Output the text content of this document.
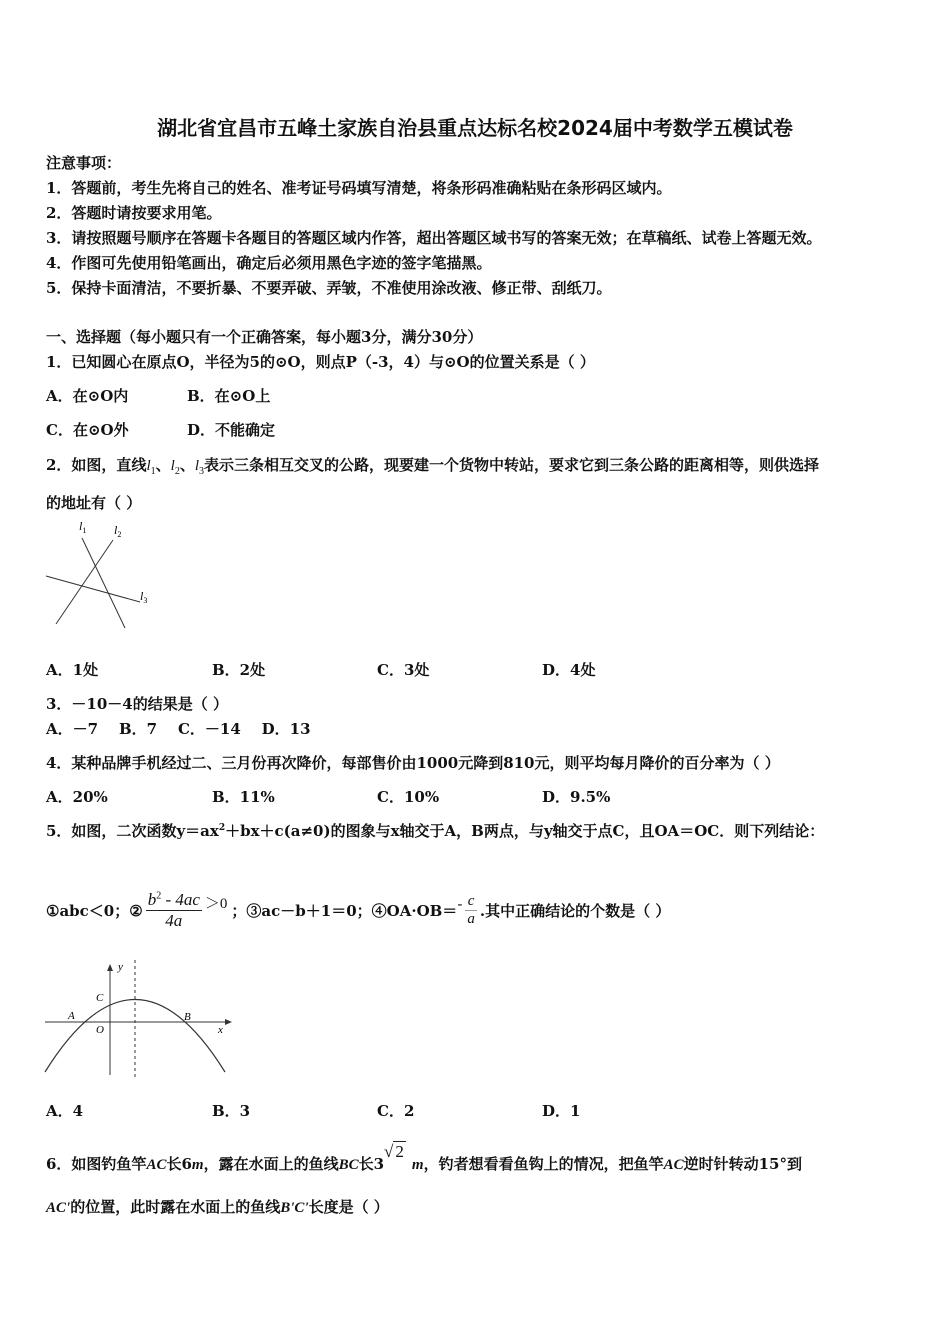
湖北省宜昌市五峰土家族自治县重点达标名校2024届中考数学五模试卷
注意事项：
1．答题前，考生先将自己的姓名、准考证号码填写清楚，将条形码准确粘贴在条形码区域内。
2．答题时请按要求用笔。
3．请按照题号顺序在答题卡各题目的答题区域内作答，超出答题区域书写的答案无效；在草稿纸、试卷上答题无效。
4．作图可先使用铅笔画出，确定后必须用黑色字迹的签字笔描黑。
5．保持卡面清洁，不要折暴、不要弄破、弄皱，不准使用涂改液、修正带、刮纸刀。
一、选择题（每小题只有一个正确答案，每小题3分，满分30分）
1．已知圆心在原点O，半径为5的⊙O，则点P（-3，4）与⊙O的位置关系是（ ）
A．在⊙O内	B．在⊙O上
C．在⊙O外	D．不能确定
2．如图，直线$l_1$、$l_2$、$l_3$表示三条相互交叉的公路，现要建一个货物中转站，要求它到三条公路的距离相等，则供选择
的地址有（ ）
$l_1$ $l_2$
$l_3$
A．1处	B．2处	C．3处	D．4处
3．－10－4的结果是（ ）
A．－7    B．7    C．－14    D．13
4．某种品牌手机经过二、三月份再次降价，每部售价由1000元降到810元，则平均每月降价的百分率为（ ）
A．20%	B．11%	C．10%	D．9.5%
5．如图，二次函数$y=ax^2+bx+c(a\ne 0)$的图象与x轴交于A，B两点，与y轴交于点C，且OA＝OC．则下列结论：
①abc＜0；② $\frac{b^2 - 4ac}{4a} >0$ ；③ac－b＋1＝0；④OA·OB＝ - $\frac{c}{a}$ .其中正确结论的个数是（ ）
y
x
A	B
C
O
A．4	B．3	C．2	D．1
6．如图钓鱼竿 AC 长6 m ，露在水面上的鱼线 BC 长3
√ 2
m ，钓者想看看鱼钩上的情况，把鱼竿 AC 逆时针转动15°到
AC'的位置，此时露在水面上的鱼线B'C'长度是（ ）
